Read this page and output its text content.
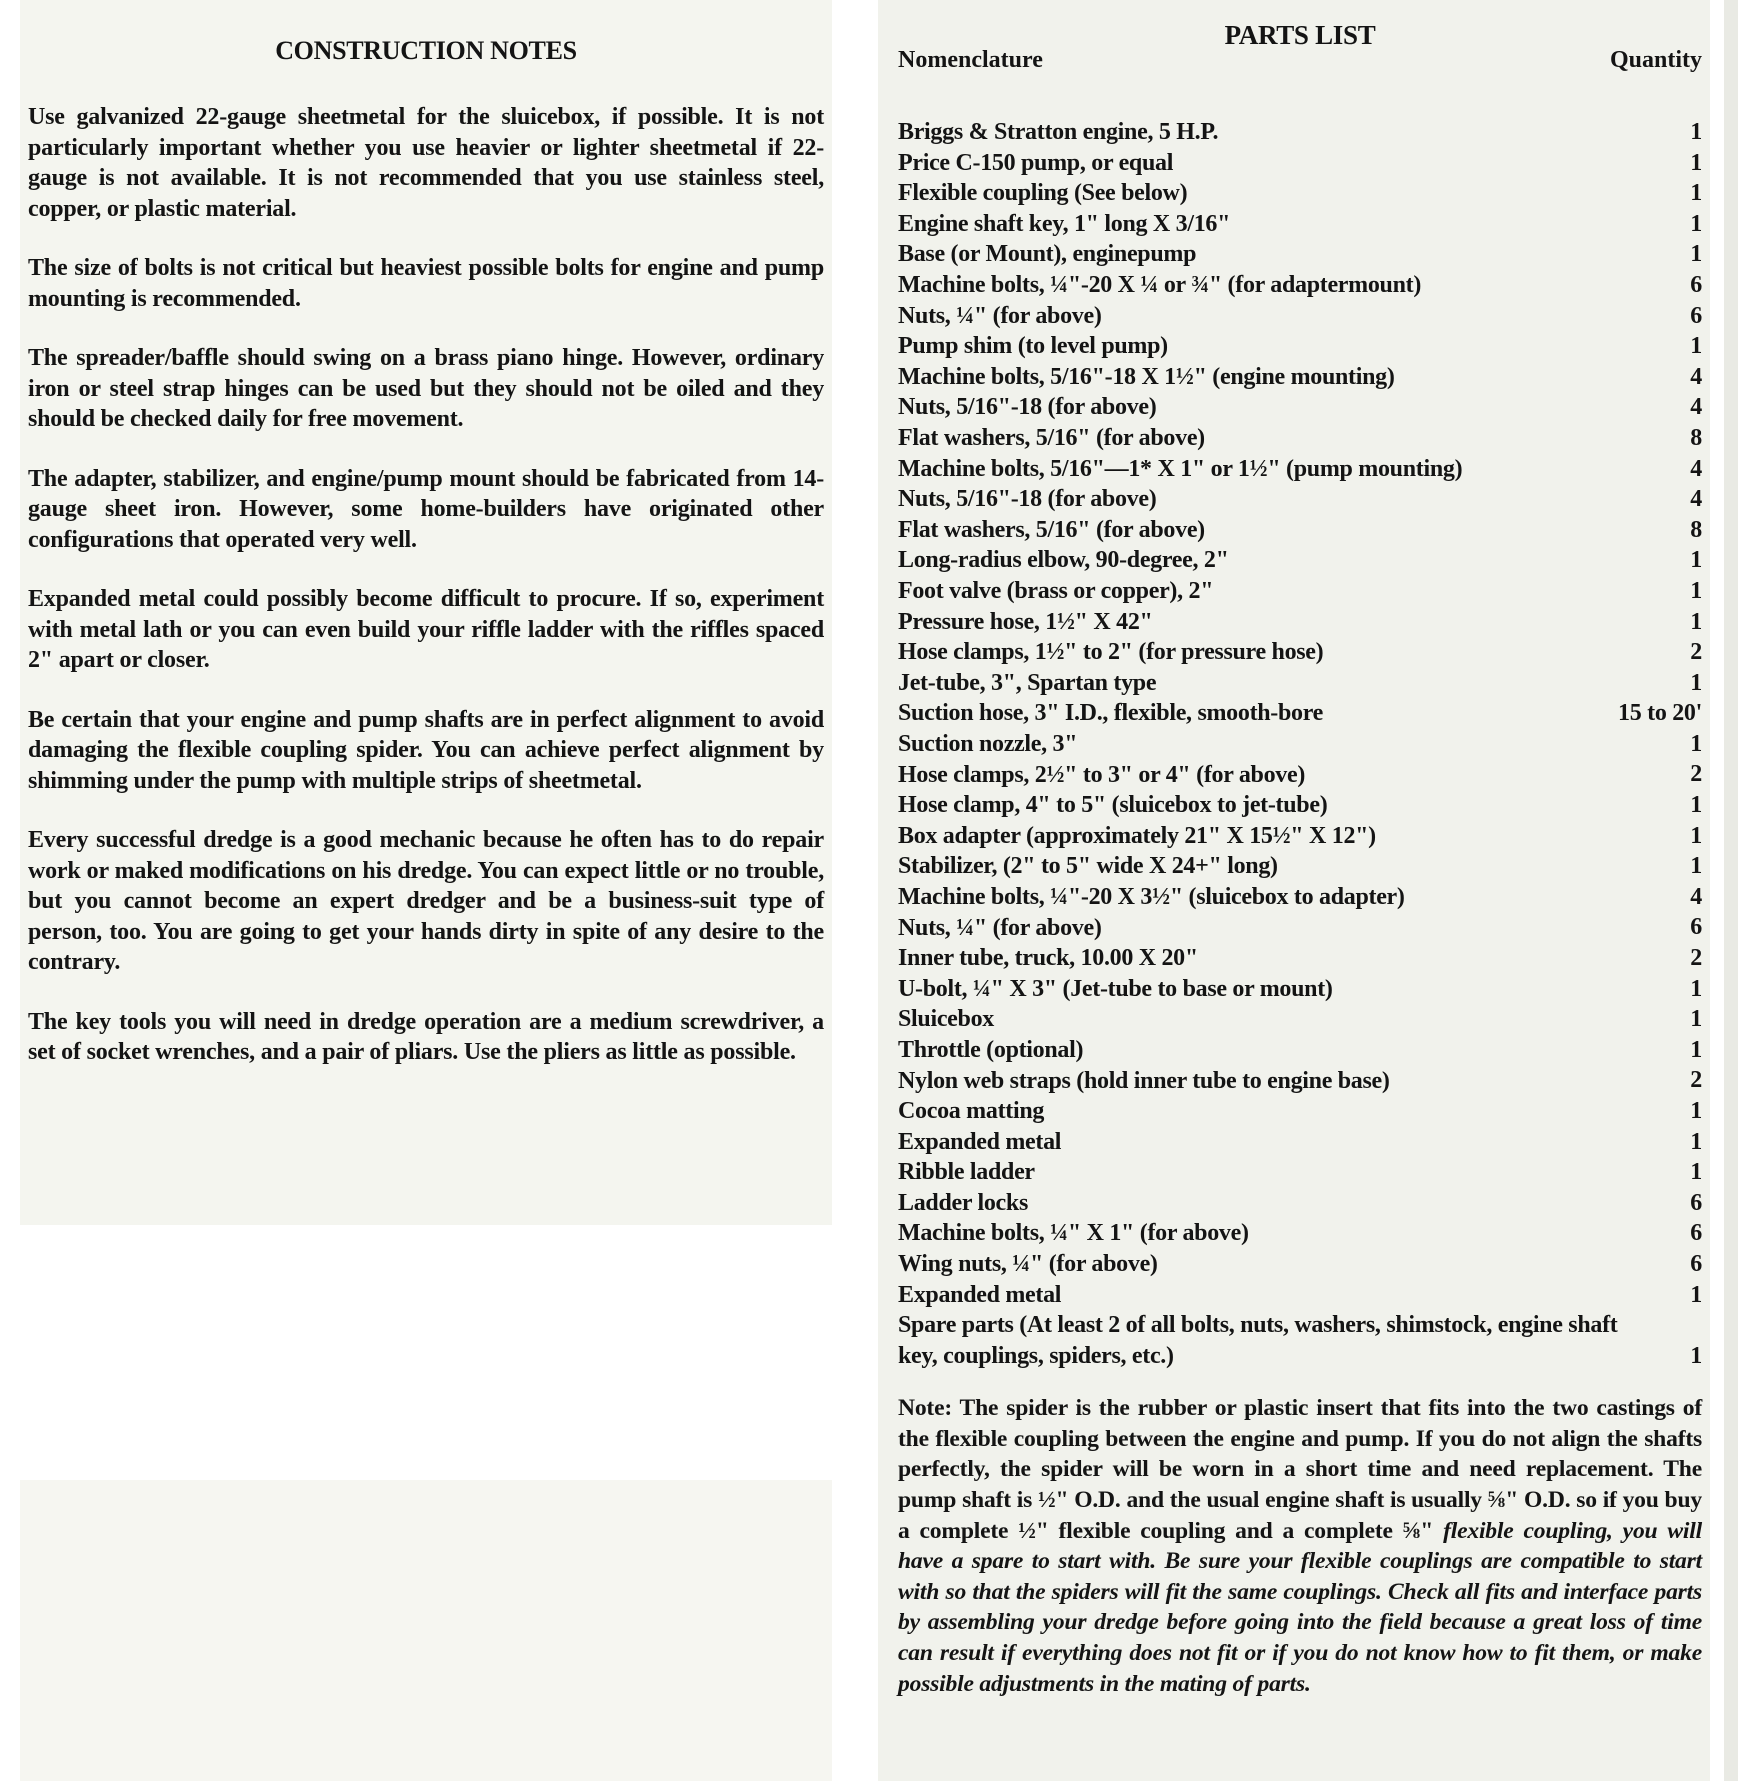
CONSTRUCTION NOTES

Use galvanized 22-gauge sheetmetal for the sluicebox, if possible. It is not particularly important whether you use heavier or lighter sheetmetal if 22-gauge is not available. It is not recommended that you use stainless steel, copper, or plastic material.

The size of bolts is not critical but heaviest possible bolts for engine and pump mounting is recommended.

The spreader/baffle should swing on a brass piano hinge. However, ordinary iron or steel strap hinges can be used but they should not be oiled and they should be checked daily for free movement.

The adapter, stabilizer, and engine/pump mount should be fabricated from 14-gauge sheet iron. However, some home-builders have originated other configurations that operated very well.

Expanded metal could possibly become difficult to procure. If so, experiment with metal lath or you can even build your riffle ladder with the riffles spaced 2" apart or closer.

Be certain that your engine and pump shafts are in perfect alignment to avoid damaging the flexible coupling spider. You can achieve perfect alignment by shimming under the pump with multiple strips of sheetmetal.

Every successful dredge is a good mechanic because he often has to do repair work or maked modifications on his dredge. You can expect little or no trouble, but you cannot become an expert dredger and be a business-suit type of person, too. You are going to get your hands dirty in spite of any desire to the contrary.

The key tools you will need in dredge operation are a medium screwdriver, a set of socket wrenches, and a pair of pliars. Use the pliers as little as possible.

PARTS LIST
Nomenclature	Quantity
Briggs & Stratton engine, 5 H.P.	1
Price C-150 pump, or equal	1
Flexible coupling (See below)	1
Engine shaft key, 1" long X 3/16"	1
Base (or Mount), enginepump	1
Machine bolts, ¼"-20 X ¼ or ¾" (for adaptermount)	6
Nuts, ¼" (for above)	6
Pump shim (to level pump)	1
Machine bolts, 5/16"-18 X 1½" (engine mounting)	4
Nuts, 5/16"-18 (for above)	4
Flat washers, 5/16" (for above)	8
Machine bolts, 5/16"—1* X 1" or 1½" (pump mounting)	4
Nuts, 5/16"-18 (for above)	4
Flat washers, 5/16" (for above)	8
Long-radius elbow, 90-degree, 2"	1
Foot valve (brass or copper), 2"	1
Pressure hose, 1½" X 42"	1
Hose clamps, 1½" to 2" (for pressure hose)	2
Jet-tube, 3", Spartan type	1
Suction hose, 3" I.D., flexible, smooth-bore	15 to 20'
Suction nozzle, 3"	1
Hose clamps, 2½" to 3" or 4" (for above)	2
Hose clamp, 4" to 5" (sluicebox to jet-tube)	1
Box adapter (approximately 21" X 15½" X 12")	1
Stabilizer, (2" to 5" wide X 24+" long)	1
Machine bolts, ¼"-20 X 3½" (sluicebox to adapter)	4
Nuts, ¼" (for above)	6
Inner tube, truck, 10.00 X 20"	2
U-bolt, ¼" X 3" (Jet-tube to base or mount)	1
Sluicebox	1
Throttle (optional)	1
Nylon web straps (hold inner tube to engine base)	2
Cocoa matting	1
Expanded metal	1
Ribble ladder	1
Ladder locks	6
Machine bolts, ¼" X 1" (for above)	6
Wing nuts, ¼" (for above)	6
Expanded metal	1
Spare parts (At least 2 of all bolts, nuts, washers, shimstock, engine shaft key, couplings, spiders, etc.)	1
Note: The spider is the rubber or plastic insert that fits into the two castings of the flexible coupling between the engine and pump. If you do not align the shafts perfectly, the spider will be worn in a short time and need replacement. The pump shaft is ½" O.D. and the usual engine shaft is usually ⅝" O.D. so if you buy a complete ½" flexible coupling and a complete ⅝" flexible coupling, you will have a spare to start with. Be sure your flexible couplings are compatible to start with so that the spiders will fit the same couplings. Check all fits and interface parts by assembling your dredge before going into the field because a great loss of time can result if everything does not fit or if you do not know how to fit them, or make possible adjustments in the mating of parts.
